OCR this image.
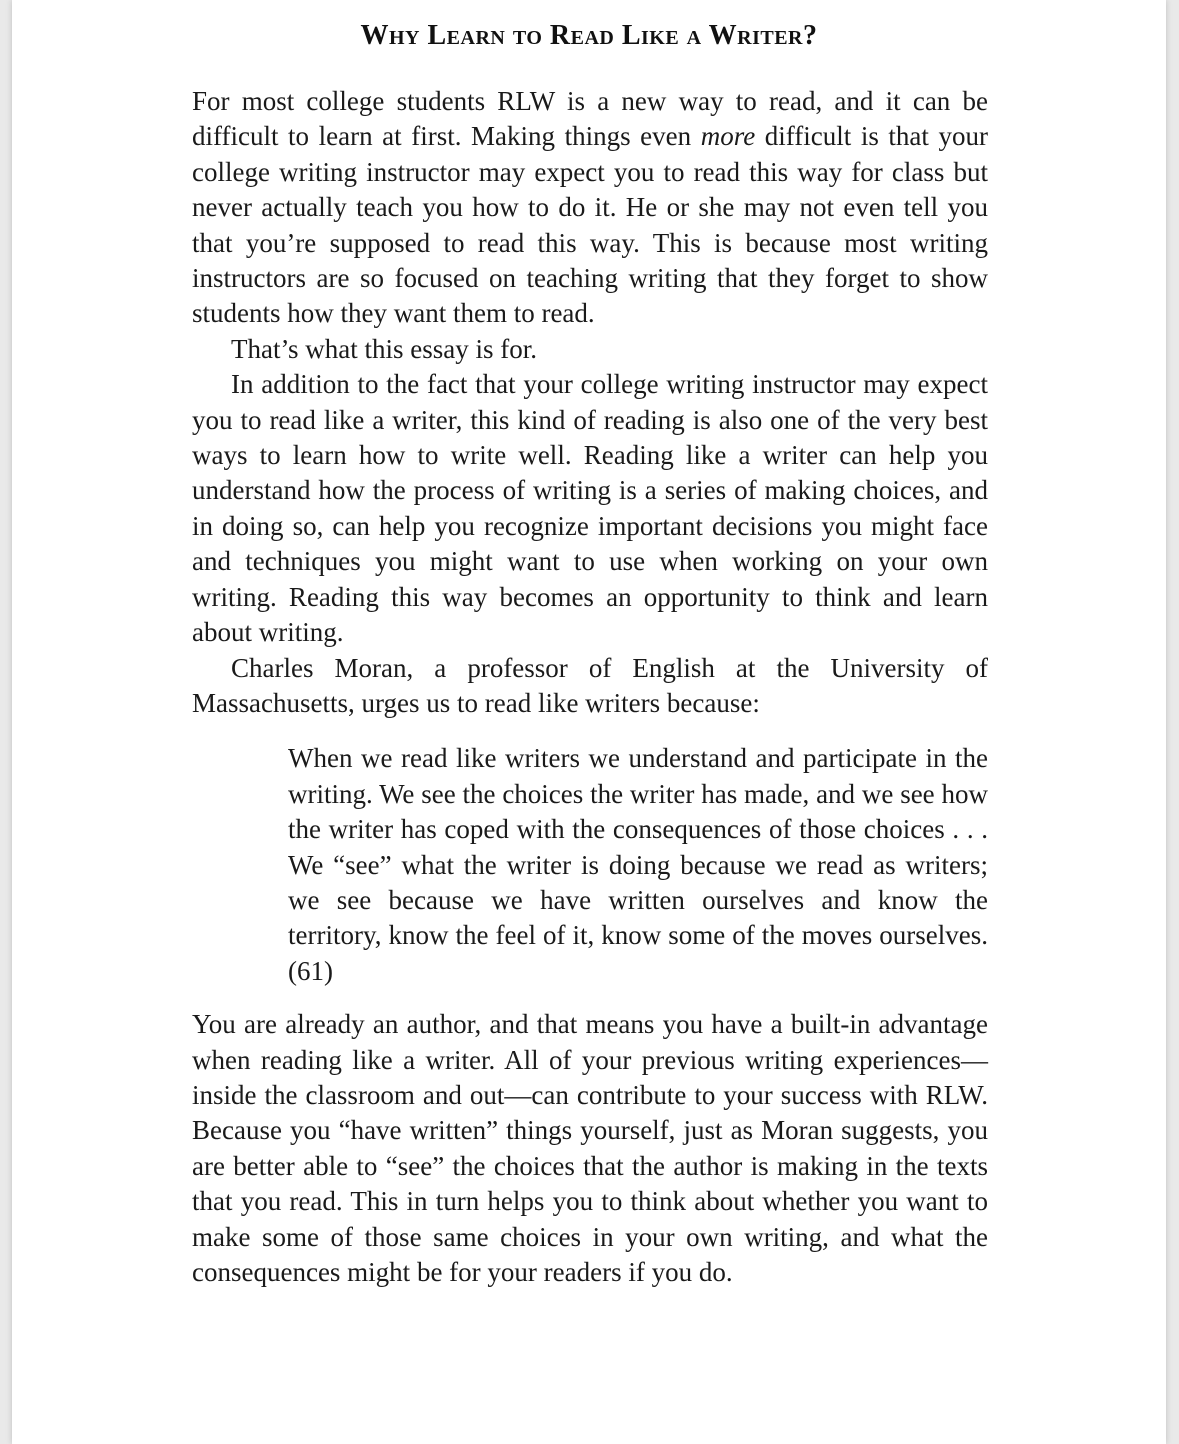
Why Learn to Read Like a Writer?

For most college students RLW is a new way to read, and it can be difficult to learn at first. Making things even more difficult is that your college writing instructor may expect you to read this way for class but never actually teach you how to do it. He or she may not even tell you that you’re supposed to read this way. This is because most writing instructors are so focused on teaching writing that they forget to show students how they want them to read.

That’s what this essay is for.

In addition to the fact that your college writing instructor may expect you to read like a writer, this kind of reading is also one of the very best ways to learn how to write well. Reading like a writer can help you understand how the process of writing is a series of making choices, and in doing so, can help you recognize important decisions you might face and techniques you might want to use when working on your own writing. Reading this way becomes an opportunity to think and learn about writing.

Charles Moran, a professor of English at the University of Massachusetts, urges us to read like writers because:

When we read like writers we understand and participate in the writing. We see the choices the writer has made, and we see how the writer has coped with the consequences of those choices . . . We “see” what the writer is doing because we read as writers; we see because we have written ourselves and know the territory, know the feel of it, know some of the moves ourselves. (61)

You are already an author, and that means you have a built-in advantage when reading like a writer. All of your previous writing experiences—inside the classroom and out—can contribute to your success with RLW. Because you “have written” things yourself, just as Moran suggests, you are better able to “see” the choices that the author is making in the texts that you read. This in turn helps you to think about whether you want to make some of those same choices in your own writing, and what the consequences might be for your readers if you do.
